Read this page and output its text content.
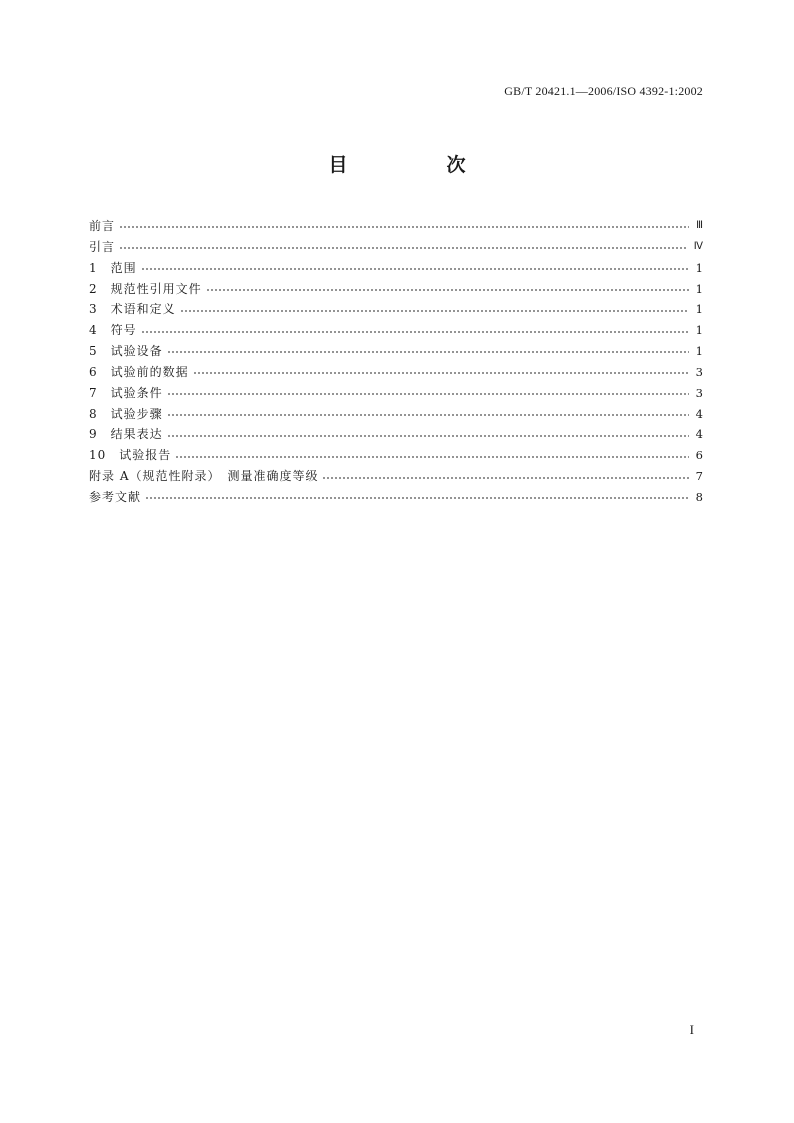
GB/T 20421.1—2006/ISO 4392-1:2002
目　次
前言	Ⅲ
引言	Ⅳ
1　范围	1
2　规范性引用文件	1
3　术语和定义	1
4　符号	1
5　试验设备	1
6　试验前的数据	3
7　试验条件	3
8　试验步骤	4
9　结果表达	4
10　试验报告	6
附录 A（规范性附录）　测量准确度等级	7
参考文献	8
I
